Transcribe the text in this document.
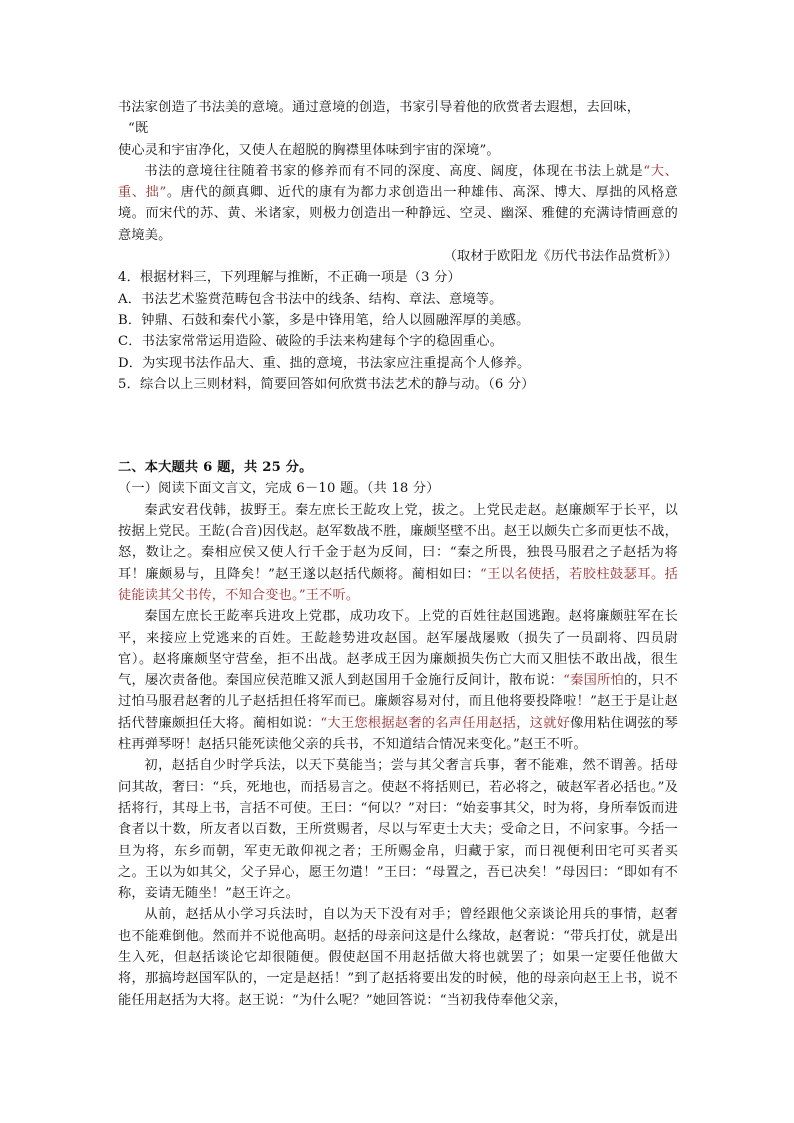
书法家创造了书法美的意境。通过意境的创造，书家引导着他的欣赏者去遐想，去回味，
“既

使心灵和宇宙净化，又使人在超脱的胸襟里体味到宇宙的深境”。

书法的意境往往随着书家的修养而有不同的深度、高度、阔度，体现在书法上就是“大、重、拙”。唐代的颜真卿、近代的康有为都力求创造出一种雄伟、高深、博大、厚拙的风格意境。而宋代的苏、黄、米诸家，则极力创造出一种静远、空灵、幽深、雅健的充满诗情画意的意境美。

（取材于欧阳龙《历代书法作品赏析》）

4．根据材料三，下列理解与推断，不正确一项是（3 分）

A．书法艺术鉴赏范畴包含书法中的线条、结构、章法、意境等。

B．钟鼎、石鼓和秦代小篆，多是中锋用笔，给人以圆融浑厚的美感。

C．书法家常常运用造险、破险的手法来构建每个字的稳固重心。

D．为实现书法作品大、重、拙的意境，书法家应注重提高个人修养。

5．综合以上三则材料，简要回答如何欣赏书法艺术的静与动。（6 分）

二、本大题共 6 题，共 25 分。

（一）阅读下面文言文，完成 6－10 题。（共 18 分）

秦武安君伐韩，拔野王。秦左庶长王龁攻上党，拔之。上党民走赵。赵廉颇军于长平，以按据上党民。王龁(合音)因伐赵。赵军数战不胜，廉颇坚壁不出。赵王以颇失亡多而更怯不战，怒，数让之。秦相应侯又使人行千金于赵为反间，曰：“秦之所畏，独畏马服君之子赵括为将耳！廉颇易与，且降矣！”赵王遂以赵括代颇将。蔺相如曰：“王以名使括，若胶柱鼓瑟耳。括徒能读其父书传，不知合变也。”王不听。

秦国左庶长王龁率兵进攻上党郡，成功攻下。上党的百姓往赵国逃跑。赵将廉颇驻军在长平，来接应上党逃来的百姓。王龁趁势进攻赵国。赵军屡战屡败（损失了一员副将、四员尉官）。赵将廉颇坚守营垒，拒不出战。赵孝成王因为廉颇损失伤亡大而又胆怯不敢出战，很生气，屡次责备他。秦国应侯范睢又派人到赵国用千金施行反间计，散布说：“秦国所怕的，只不过怕马服君赵奢的儿子赵括担任将军而已。廉颇容易对付，而且他将要投降啦！”赵王于是让赵括代替廉颇担任大将。蔺相如说：“大王您根据赵奢的名声任用赵括，这就好像用粘住调弦的琴柱再弹琴呀！赵括只能死读他父亲的兵书，不知道结合情况来变化。”赵王不听。

初，赵括自少时学兵法，以天下莫能当；尝与其父奢言兵事，奢不能难，然不谓善。括母问其故，奢曰：“兵，死地也，而括易言之。使赵不将括则已，若必将之，破赵军者必括也。”及括将行，其母上书，言括不可使。王曰：“何以？”对曰：“始妾事其父，时为将，身所奉饭而进食者以十数，所友者以百数，王所赏赐者，尽以与军吏士大夫；受命之日，不问家事。今括一旦为将，东乡而朝，军吏无敢仰视之者；王所赐金帛，归藏于家，而日视便利田宅可买者买之。王以为如其父，父子异心，愿王勿遣！”王曰：“母置之，吾已决矣！”母因曰：“即如有不称，妾请无随坐！”赵王许之。

从前，赵括从小学习兵法时，自以为天下没有对手；曾经跟他父亲谈论用兵的事情，赵奢也不能难倒他。然而并不说他高明。赵括的母亲问这是什么缘故，赵奢说：“带兵打仗，就是出生入死，但赵括谈论它却很随便。假使赵国不用赵括做大将也就罢了；如果一定要任他做大将，那搞垮赵国军队的，一定是赵括！”到了赵括将要出发的时候，他的母亲向赵王上书，说不能任用赵括为大将。赵王说：“为什么呢？”她回答说：“当初我侍奉他父亲，
